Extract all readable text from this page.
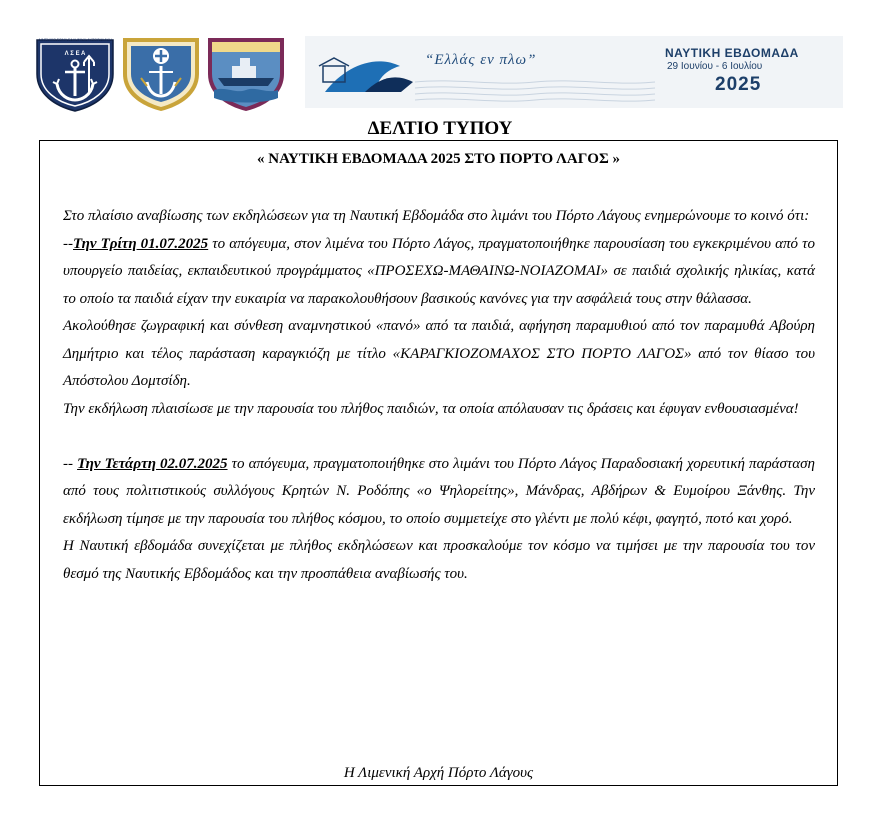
ΛΙΜΕΝΙΚΟ ΣΩΜΑ ΕΛΛΗΝΙΚΗ ΑΚΤΟΦΥΛΑΚΗ
Λ Σ Ε Α	“Ελλάς εν πλω”	ΝΑΥΤΙΚΗ ΕΒΔΟΜΑΔΑ
29 Ιουνίου - 6 Ιουλίου
2025
ΔΕΛΤΙΟ ΤΥΠΟΥ
« ΝΑΥΤΙΚΗ ΕΒΔΟΜΑΔΑ 2025 ΣΤΟ ΠΟΡΤΟ ΛΑΓΟΣ »

Στο πλαίσιο αναβίωσης των εκδηλώσεων για τη Ναυτική Εβδομάδα στο λιμάνι του Πόρτο Λάγους ενημερώνουμε το κοινό ότι:

--Την Τρίτη 01.07.2025 το απόγευμα, στον λιμένα του Πόρτο Λάγος, πραγματοποιήθηκε παρουσίαση του εγκεκριμένου από το υπουργείο παιδείας, εκπαιδευτικού προγράμματος «ΠΡΟΣΕΧΩ-ΜΑΘΑΙΝΩ-ΝΟΙΑΖΟΜΑΙ» σε παιδιά σχολικής ηλικίας, κατά το οποίο τα παιδιά είχαν την ευκαιρία να παρακολουθήσουν βασικούς κανόνες για την ασφάλειά τους στην θάλασσα.

Ακολούθησε ζωγραφική και σύνθεση αναμνηστικού «πανό» από τα παιδιά, αφήγηση παραμυθιού από τον παραμυθά Αβούρη Δημήτριο και τέλος παράσταση καραγκιόζη με τίτλο «ΚΑΡΑΓΚΙΟΖΟΜΑΧΟΣ ΣΤΟ ΠΟΡΤΟ ΛΑΓΟΣ» από τον θίασο του Απόστολου Δομτσίδη.

Την εκδήλωση πλαισίωσε με την παρουσία του πλήθος παιδιών, τα οποία απόλαυσαν τις δράσεις και έφυγαν ενθουσιασμένα!

-- Την Τετάρτη 02.07.2025 το απόγευμα, πραγματοποιήθηκε στο λιμάνι του Πόρτο Λάγος Παραδοσιακή χορευτική παράσταση από τους πολιτιστικούς συλλόγους Κρητών Ν. Ροδόπης «ο Ψηλορείτης», Μάνδρας, Αβδήρων & Ευμοίρου Ξάνθης. Την εκδήλωση τίμησε με την παρουσία του πλήθος κόσμου, το οποίο συμμετείχε στο γλέντι με πολύ κέφι, φαγητό, ποτό και χορό.

Η Ναυτική εβδομάδα συνεχίζεται με πλήθος εκδηλώσεων και προσκαλούμε τον κόσμο να τιμήσει με την παρουσία του τον θεσμό της Ναυτικής Εβδομάδος και την προσπάθεια αναβίωσής του.

Η Λιμενική Αρχή Πόρτο Λάγους
